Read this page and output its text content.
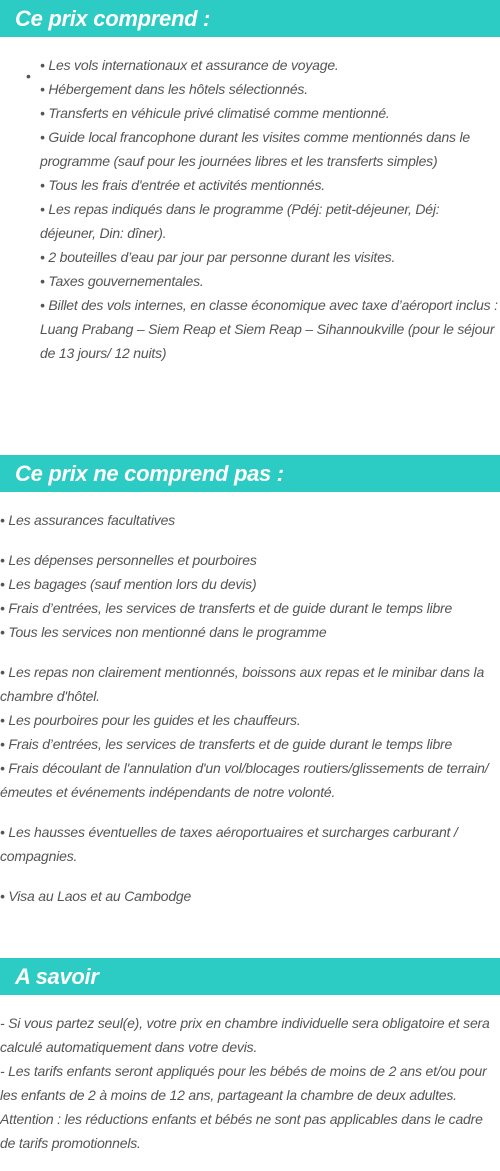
Ce prix comprend :
•

• Les vols internationaux et assurance de voyage.

• Hébergement dans les hôtels sélectionnés.

• Transferts en véhicule privé climatisé comme mentionné.

• Guide local francophone durant les visites comme mentionnés dans le programme (sauf pour les journées libres et les transferts simples)

• Tous les frais d'entrée et activités mentionnés.

• Les repas indiqués dans le programme (Pdéj: petit-déjeuner, Déj: déjeuner, Din: dîner).

• 2 bouteilles d’eau par jour par personne durant les visites.

• Taxes gouvernementales.

• Billet des vols internes, en classe économique avec taxe d’aéroport inclus : Luang Prabang – Siem Reap et Siem Reap – Sihannoukville (pour le séjour de 13 jours/ 12 nuits)

Ce prix ne comprend pas :

• Les assurances facultatives

• Les dépenses personnelles et pourboires

• Les bagages (sauf mention lors du devis)

• Frais d’entrées, les services de transferts et de guide durant le temps libre

• Tous les services non mentionné dans le programme

• Les repas non clairement mentionnés, boissons aux repas et le minibar dans la chambre d'hôtel.

• Les pourboires pour les guides et les chauffeurs.

• Frais d’entrées, les services de transferts et de guide durant le temps libre

• Frais découlant de l'annulation d'un vol/blocages routiers/glissements de terrain/émeutes et événements indépendants de notre volonté.

• Les hausses éventuelles de taxes aéroportuaires et surcharges carburant / compagnies.

• Visa au Laos et au Cambodge

A savoir

- Si vous partez seul(e), votre prix en chambre individuelle sera obligatoire et sera calculé automatiquement dans votre devis.

- Les tarifs enfants seront appliqués pour les bébés de moins de 2 ans et/ou pour les enfants de 2 à moins de 12 ans, partageant la chambre de deux adultes.

Attention : les réductions enfants et bébés ne sont pas applicables dans le cadre de tarifs promotionnels.
